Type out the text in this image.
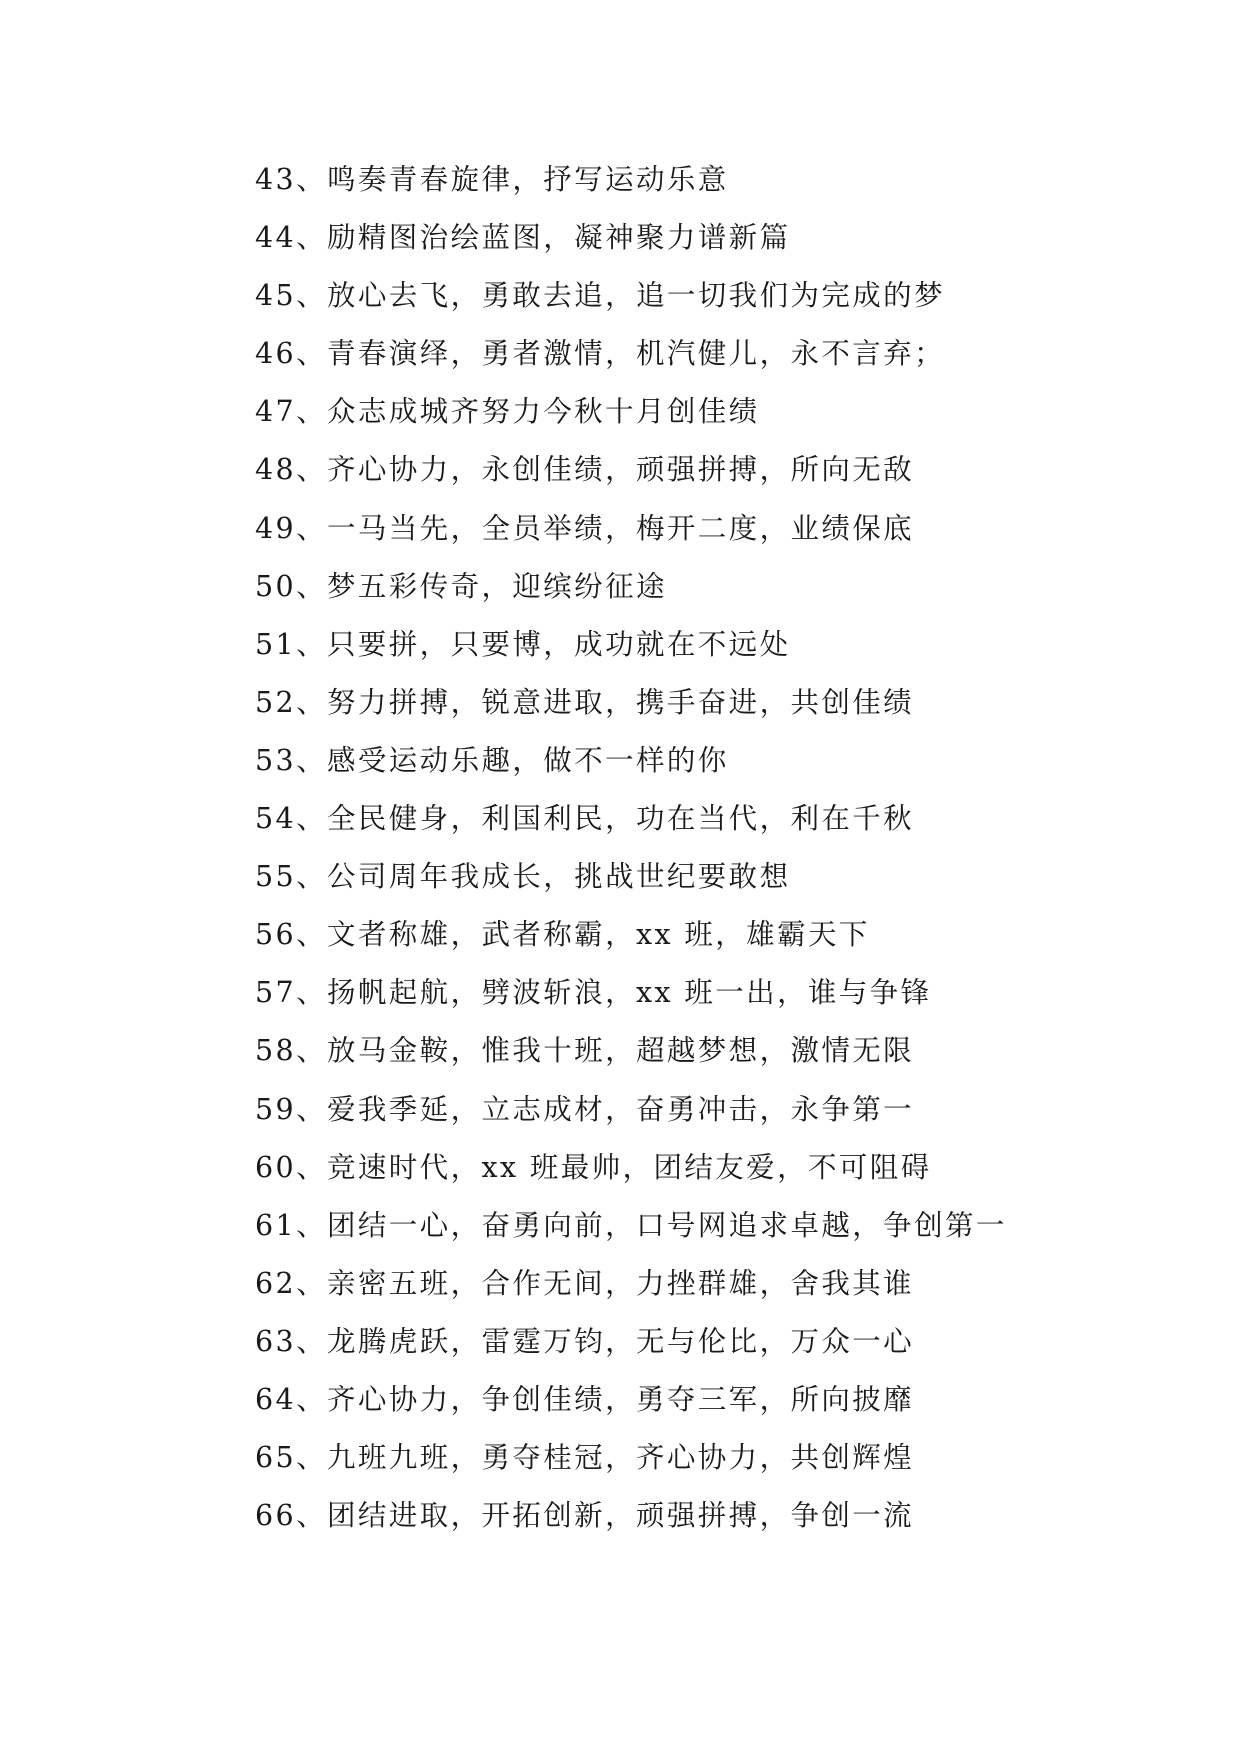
43、鸣奏青春旋律，抒写运动乐意
44、励精图治绘蓝图，凝神聚力谱新篇
45、放心去飞，勇敢去追，追一切我们为完成的梦
46、青春演绎，勇者激情，机汽健儿，永不言弃；
47、众志成城齐努力今秋十月创佳绩
48、齐心协力，永创佳绩，顽强拼搏，所向无敌
49、一马当先，全员举绩，梅开二度，业绩保底
50、梦五彩传奇，迎缤纷征途
51、只要拼，只要博，成功就在不远处
52、努力拼搏，锐意进取，携手奋进，共创佳绩
53、感受运动乐趣，做不一样的你
54、全民健身，利国利民，功在当代，利在千秋
55、公司周年我成长，挑战世纪要敢想
56、文者称雄，武者称霸，xx 班，雄霸天下
57、扬帆起航，劈波斩浪，xx 班一出，谁与争锋
58、放马金鞍，惟我十班，超越梦想，激情无限
59、爱我季延，立志成材，奋勇冲击，永争第一
60、竞速时代，xx 班最帅，团结友爱，不可阻碍
61、团结一心，奋勇向前，口号网追求卓越，争创第一
62、亲密五班，合作无间，力挫群雄，舍我其谁
63、龙腾虎跃，雷霆万钧，无与伦比，万众一心
64、齐心协力，争创佳绩，勇夺三军，所向披靡
65、九班九班，勇夺桂冠，齐心协力，共创辉煌
66、团结进取，开拓创新，顽强拼搏，争创一流
